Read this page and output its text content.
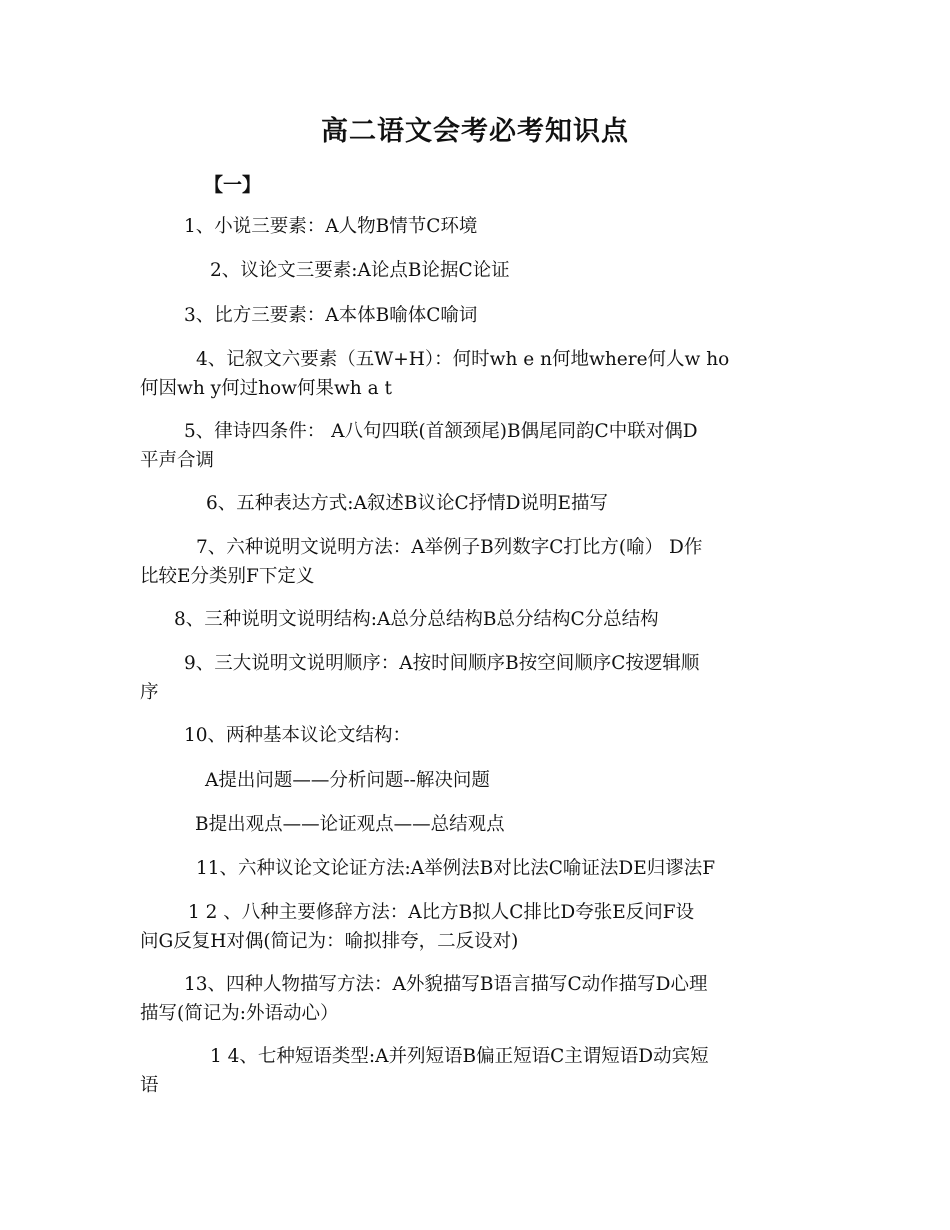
高二语文会考必考知识点
【一】
1、小说三要素：A人物B情节C环境
2、议论文三要素:A论点B论据C论证
3、比方三要素：A本体B喻体C喻词
4、记叙文六要素（五W+H）：何时wh e n何地where何人w ho
何因wh y何过how何果wh a t
5、律诗四条件： A八句四联(首颔颈尾)B偶尾同韵C中联对偶D
平声合调
6、五种表达方式:A叙述B议论C抒情D说明E描写
7、六种说明文说明方法：A举例子B列数字C打比方(喻） D作
比较E分类别F下定义
8、三种说明文说明结构:A总分总结构B总分结构C分总结构
9、三大说明文说明顺序：A按时间顺序B按空间顺序C按逻辑顺
序
10、两种基本议论文结构：
A提出问题——分析问题--解决问题
B提出观点——论证观点——总结观点
11、六种议论文论证方法:A举例法B对比法C喻证法DE归谬法F
1 2 、八种主要修辞方法：A比方B拟人C排比D夸张E反问F设
问G反复H对偶(简记为：喻拟排夸，二反设对)
13、四种人物描写方法：A外貌描写B语言描写C动作描写D心理
描写(简记为:外语动心）
1 4、七种短语类型:A并列短语B偏正短语C主谓短语D动宾短
语
